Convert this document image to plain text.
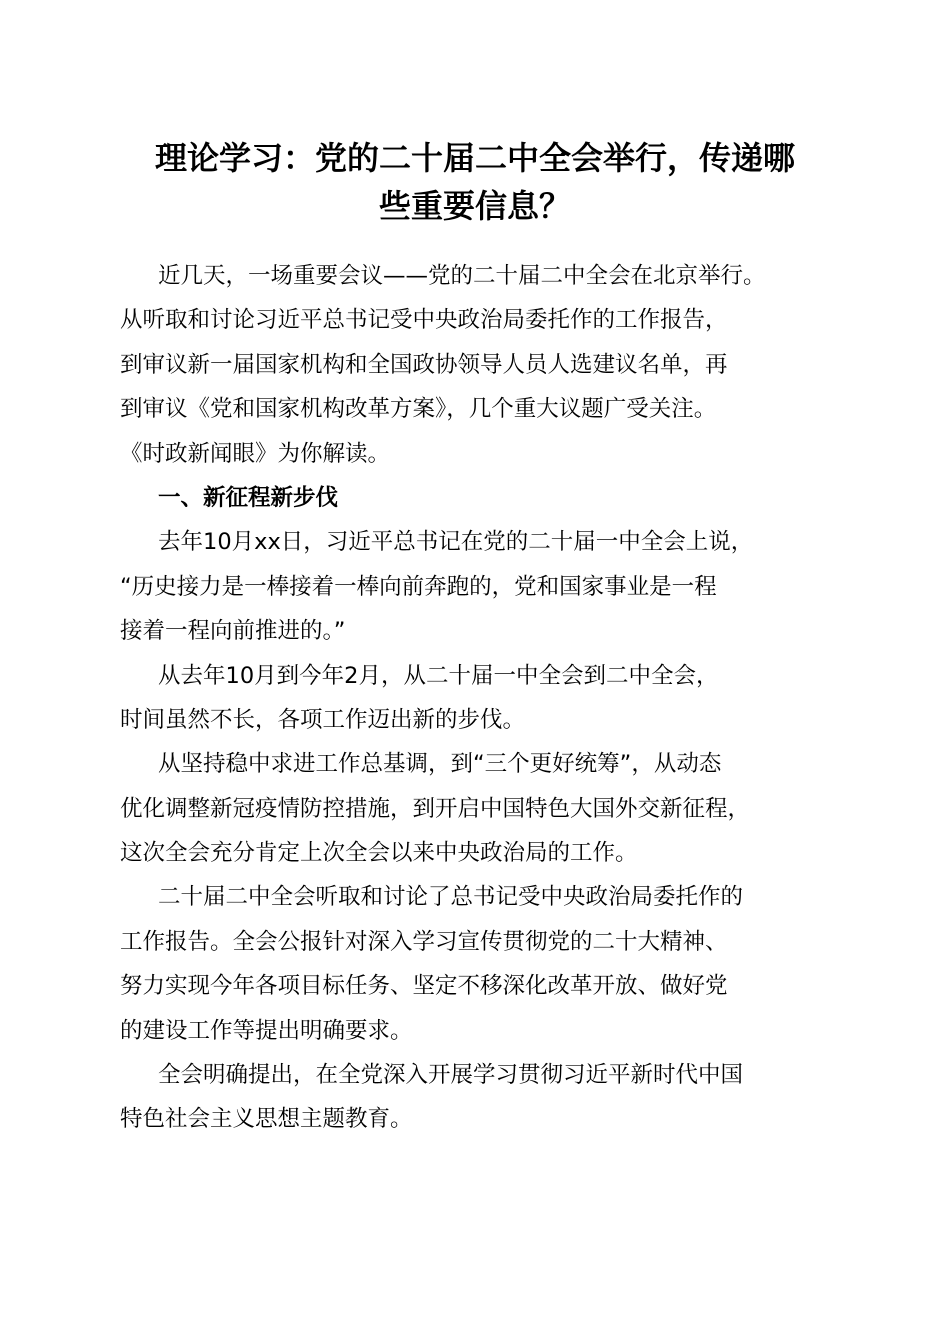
理论学习：党的二十届二中全会举行，传递哪
些重要信息？
近几天，一场重要会议——党的二十届二中全会在北京举行。
从听取和讨论习近平总书记受中央政治局委托作的工作报告，
到审议新一届国家机构和全国政协领导人员人选建议名单，再
到审议《党和国家机构改革方案》，几个重大议题广受关注。
《时政新闻眼》为你解读。
一、新征程新步伐
去年10月xx日，习近平总书记在党的二十届一中全会上说，
“历史接力是一棒接着一棒向前奔跑的，党和国家事业是一程
接着一程向前推进的。”
从去年10月到今年2月，从二十届一中全会到二中全会，
时间虽然不长，各项工作迈出新的步伐。
从坚持稳中求进工作总基调，到“三个更好统筹”，从动态
优化调整新冠疫情防控措施，到开启中国特色大国外交新征程，
这次全会充分肯定上次全会以来中央政治局的工作。
二十届二中全会听取和讨论了总书记受中央政治局委托作的
工作报告。全会公报针对深入学习宣传贯彻党的二十大精神、
努力实现今年各项目标任务、坚定不移深化改革开放、做好党
的建设工作等提出明确要求。
全会明确提出，在全党深入开展学习贯彻习近平新时代中国
特色社会主义思想主题教育。
